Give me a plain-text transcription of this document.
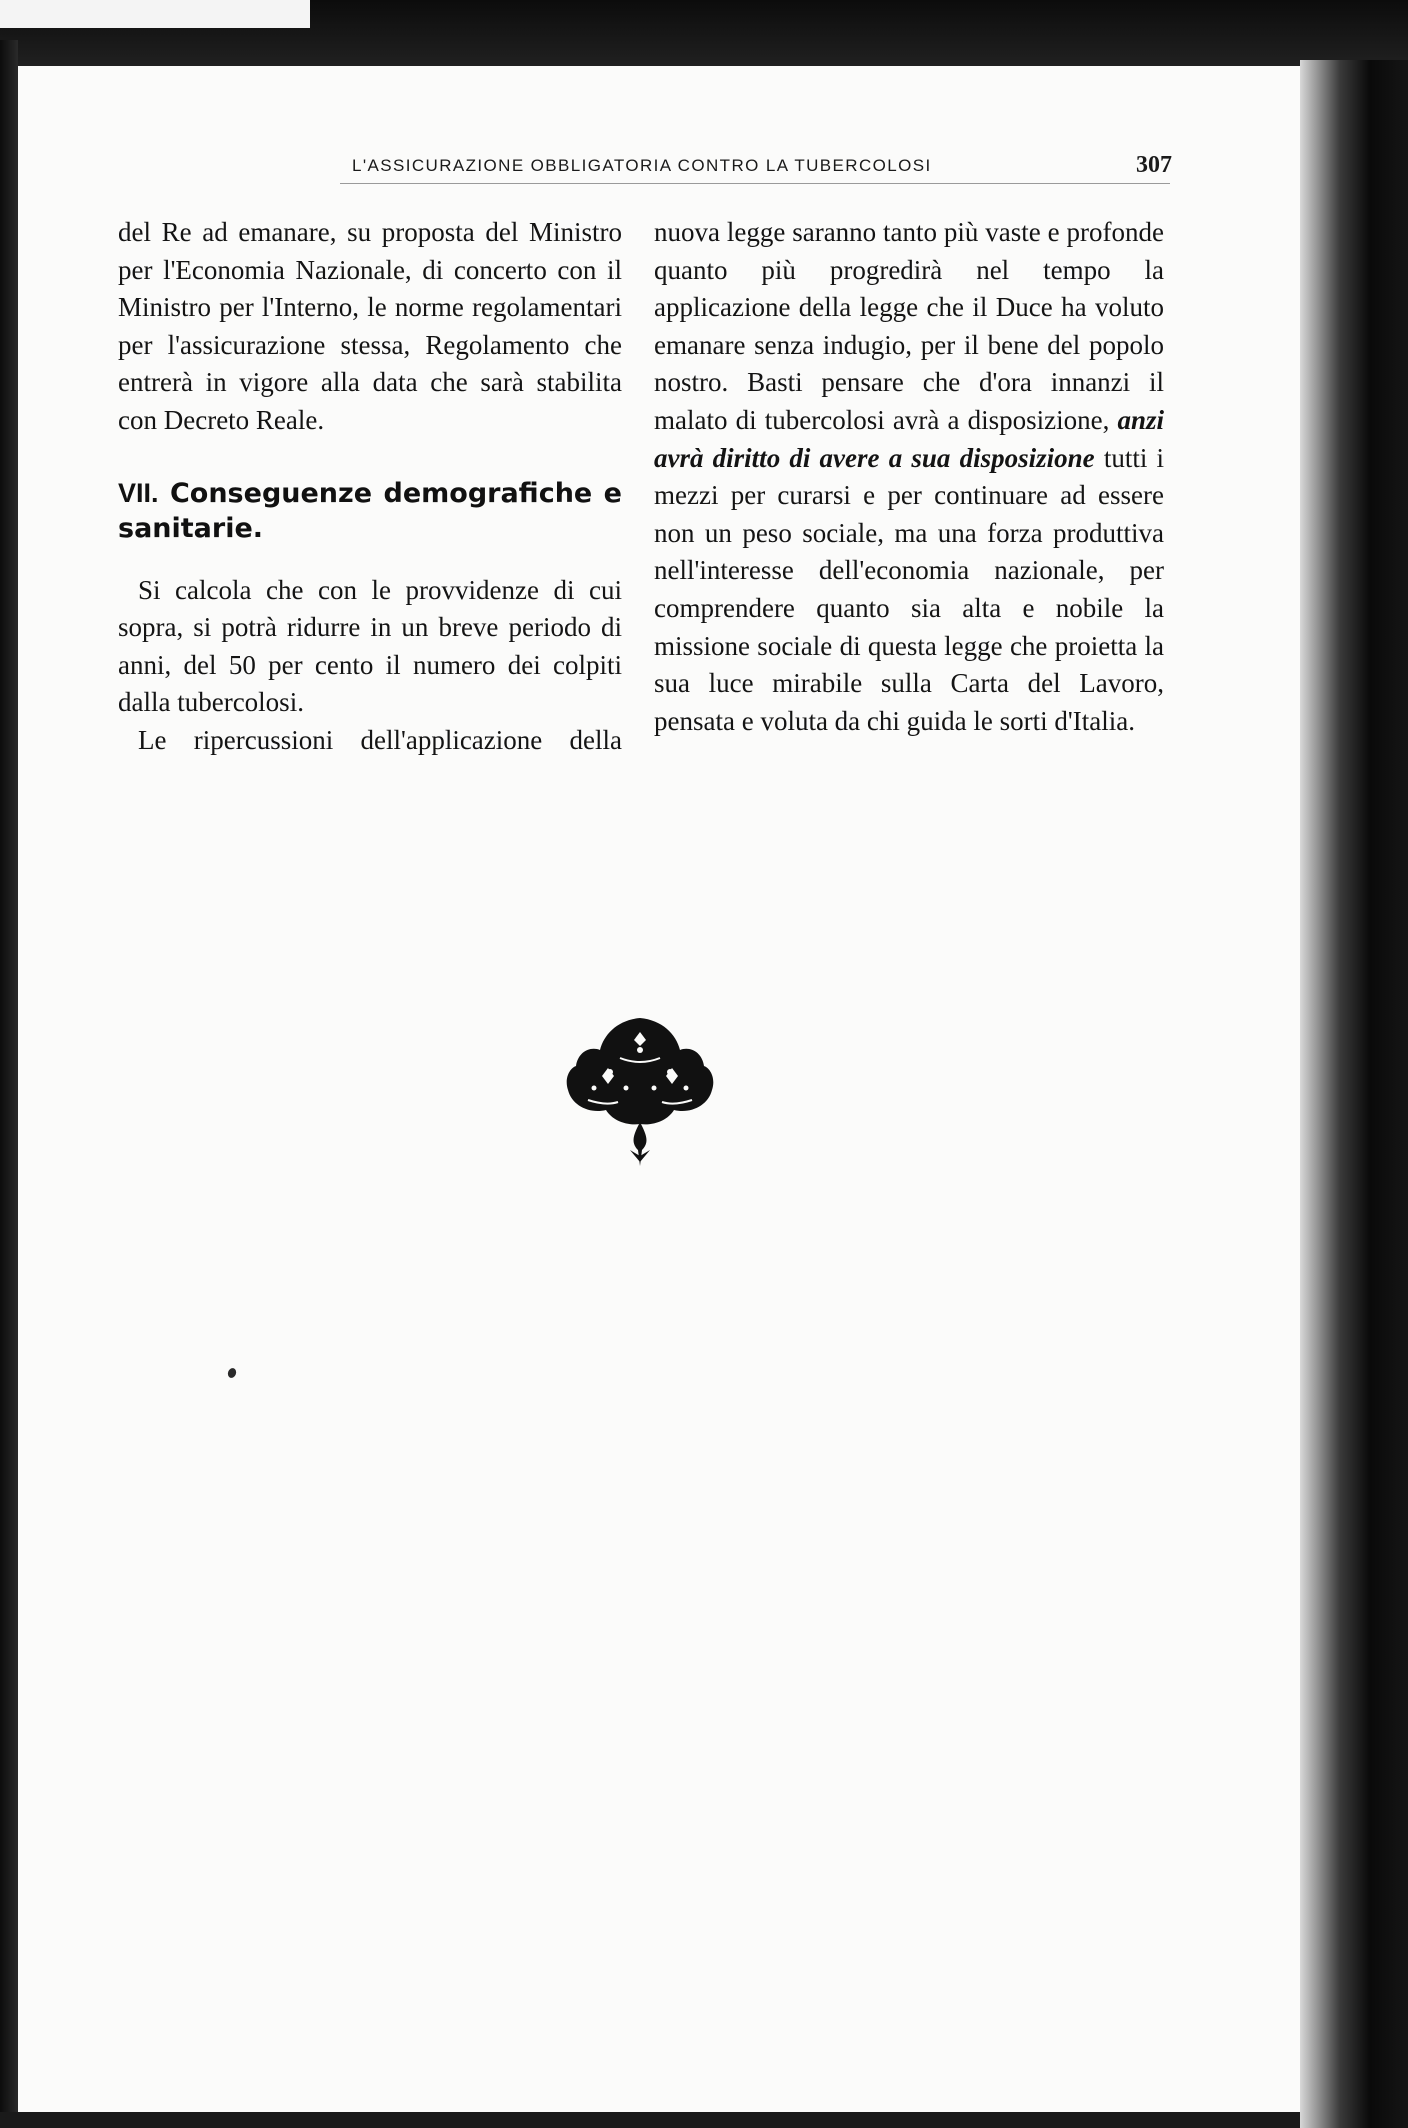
L'ASSICURAZIONE OBBLIGATORIA CONTRO LA TUBERCOLOSI	307

del Re ad emanare, su proposta del Ministro per l'Economia Nazionale, di concerto con il Ministro per l'Interno, le norme regolamentari per l'assicurazione stessa, Regolamento che entrerà in vigore alla data che sarà stabilita con Decreto Reale.

VII. Conseguenze demografiche e sanitarie.

Si calcola che con le provvidenze di cui sopra, si potrà ridurre in un breve periodo di anni, del 50 per cento il numero dei colpiti dalla tubercolosi.

Le ripercussioni dell'applicazione della

nuova legge saranno tanto più vaste e profonde quanto più progredirà nel tempo la applicazione della legge che il Duce ha voluto emanare senza indugio, per il bene del popolo nostro. Basti pensare che d'ora innanzi il malato di tubercolosi avrà a disposizione, anzi avrà diritto di avere a sua disposizione tutti i mezzi per curarsi e per continuare ad essere non un peso sociale, ma una forza produttiva nell'interesse dell'economia nazionale, per comprendere quanto sia alta e nobile la missione sociale di questa legge che proietta la sua luce mirabile sulla Carta del Lavoro, pensata e voluta da chi guida le sorti d'Italia.
